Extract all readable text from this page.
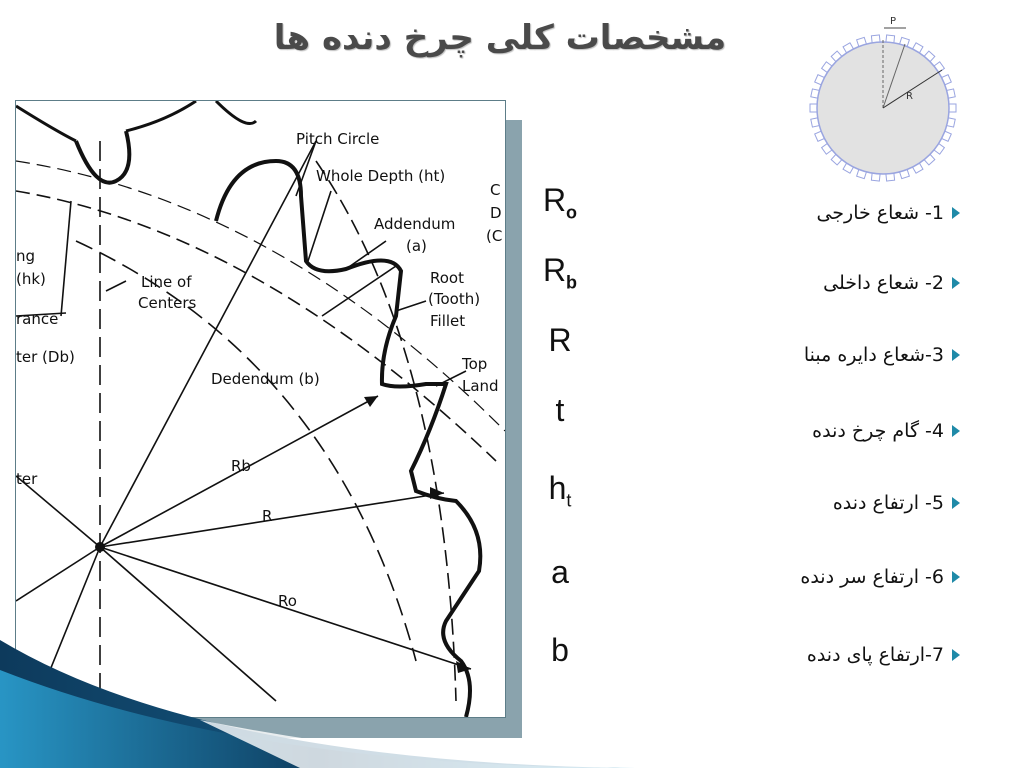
مشخصات کلی چرخ دنده ها	P
R
Pitch Circle
Whole Depth (ht)
Addendum
(a)
Root
(Tooth)
Fillet
Line of
Centers
Dedendum (b)
Top
Land
ng
(hk)
rance
ter (Db)
Rb
R
Ro
ter
C
D
(C
$R_o$
$R_b$
R
t
$h_t$
a
b
1- شعاع خارجی
2- شعاع داخلی
3-شعاع دایره مبنا
4- گام چرخ دنده
5- ارتفاع دنده
6- ارتفاع سر دنده
7-ارتفاع پای دنده
